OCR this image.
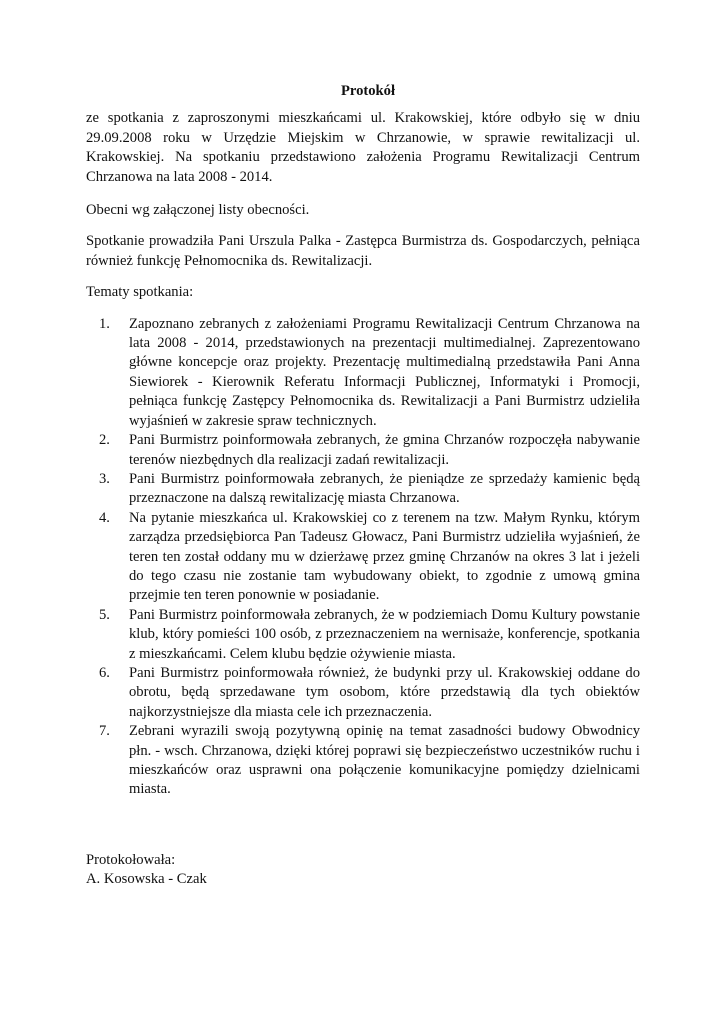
Protokół

ze spotkania z zaproszonymi mieszkańcami ul. Krakowskiej, które odbyło się w dniu 29.09.2008 roku w Urzędzie Miejskim w Chrzanowie, w sprawie rewitalizacji ul. Krakowskiej. Na spotkaniu przedstawiono założenia Programu Rewitalizacji Centrum Chrzanowa na lata 2008 - 2014.

Obecni wg załączonej listy obecności.

Spotkanie prowadziła Pani Urszula Palka - Zastępca Burmistrza ds. Gospodarczych, pełniąca również funkcję Pełnomocnika ds. Rewitalizacji.

Tematy spotkania:

1.	Zapoznano zebranych z założeniami Programu Rewitalizacji Centrum Chrzanowa na lata 2008 - 2014, przedstawionych na prezentacji multimedialnej. Zaprezentowano główne koncepcje oraz projekty. Prezentację multimedialną przedstawiła Pani Anna Siewiorek - Kierownik Referatu Informacji Publicznej, Informatyki i Promocji, pełniąca funkcję Zastępcy Pełnomocnika ds. Rewitalizacji a Pani Burmistrz udzieliła wyjaśnień w zakresie spraw technicznych.
2.	Pani Burmistrz poinformowała zebranych, że gmina Chrzanów rozpoczęła nabywanie terenów niezbędnych dla realizacji zadań rewitalizacji.
3.	Pani Burmistrz poinformowała zebranych, że pieniądze ze sprzedaży kamienic będą przeznaczone na dalszą rewitalizację miasta Chrzanowa.
4.	Na pytanie mieszkańca ul. Krakowskiej co z terenem na tzw. Małym Rynku, którym zarządza przedsiębiorca Pan Tadeusz Głowacz, Pani Burmistrz udzieliła wyjaśnień, że teren ten został oddany mu w dzierżawę przez gminę Chrzanów na okres 3 lat i jeżeli do tego czasu nie zostanie tam wybudowany obiekt, to zgodnie z umową gmina przejmie ten teren ponownie w posiadanie.
5.	Pani Burmistrz poinformowała zebranych, że w podziemiach Domu Kultury powstanie klub, który pomieści 100 osób, z przeznaczeniem na wernisaże, konferencje, spotkania z mieszkańcami. Celem klubu będzie ożywienie miasta.
6.	Pani Burmistrz poinformowała również, że budynki przy ul. Krakowskiej oddane do obrotu, będą sprzedawane tym osobom, które przedstawią dla tych obiektów najkorzystniejsze dla miasta cele ich przeznaczenia.
7.	Zebrani wyrazili swoją pozytywną opinię na temat zasadności budowy Obwodnicy płn. - wsch. Chrzanowa, dzięki której poprawi się bezpieczeństwo uczestników ruchu i mieszkańców oraz usprawni ona połączenie komunikacyjne pomiędzy dzielnicami miasta.
Protokołowała:
A. Kosowska - Czak
